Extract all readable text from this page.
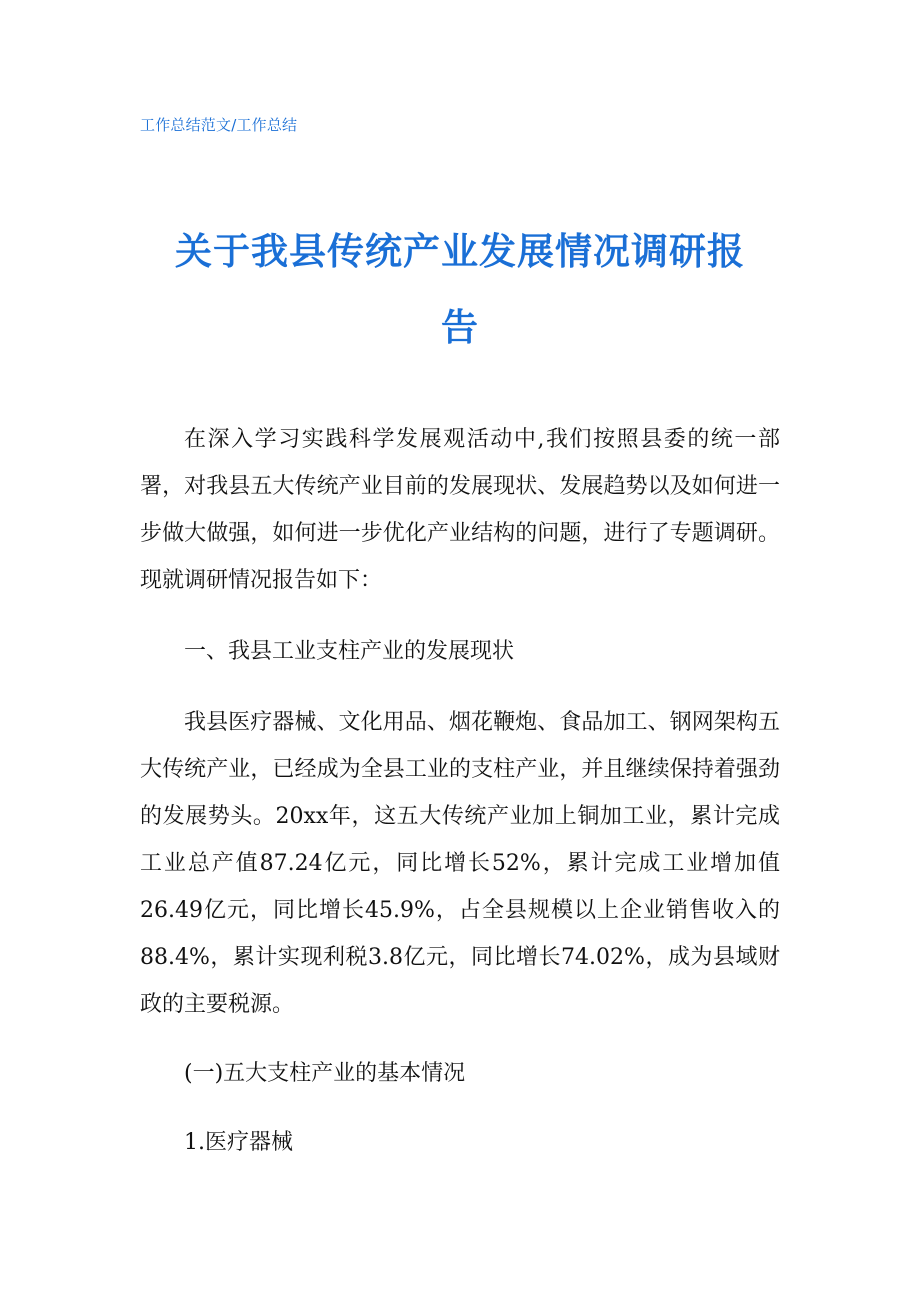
工作总结范文/工作总结
关于我县传统产业发展情况调研报
告

在深入学习实践科学发展观活动中,我们按照县委的统一部署，对我县五大传统产业目前的发展现状、发展趋势以及如何进一步做大做强，如何进一步优化产业结构的问题，进行了专题调研。现就调研情况报告如下：

一、我县工业支柱产业的发展现状

我县医疗器械、文化用品、烟花鞭炮、食品加工、钢网架构五大传统产业，已经成为全县工业的支柱产业，并且继续保持着强劲的发展势头。20xx年，这五大传统产业加上铜加工业，累计完成工业总产值87.24亿元，同比增长52%，累计完成工业增加值26.49亿元，同比增长45.9%，占全县规模以上企业销售收入的88.4%，累计实现利税3.8亿元，同比增长74.02%，成为县域财政的主要税源。

(一)五大支柱产业的基本情况

1.医疗器械
